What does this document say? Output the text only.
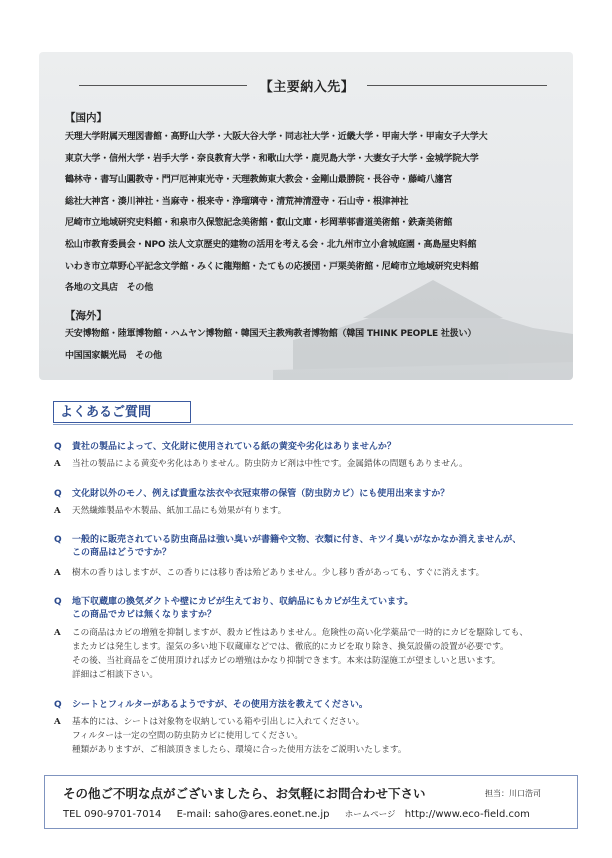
【主要納入先】
【国内】
天理大学附属天理図書館・高野山大学・大阪大谷大学・同志社大学・近畿大学・甲南大学・甲南女子大学大
東京大学・信州大学・岩手大学・奈良教育大学・和歌山大学・鹿児島大学・大妻女子大学・金城学院大学
鶴林寺・書写山圓教寺・門戸厄神東光寺・天理教飾東大教会・金剛山最勝院・長谷寺・藤崎八旛宮
総社大神宮・湊川神社・当麻寺・根来寺・浄瑠璃寺・清荒神清澄寺・石山寺・根津神社
尼崎市立地域研究史料館・和泉市久保惣記念美術館・叡山文庫・杉岡華邨書道美術館・鉄斎美術館
松山市教育委員会・NPO 法人文京歴史的建物の活用を考える会・北九州市立小倉城庭園・高島屋史料館
いわき市立草野心平記念文学館・みくに龍翔館・たてもの応援団・戸栗美術館・尼崎市立地域研究史料館
各地の文具店　その他
【海外】
天安博物館・陸軍博物館・ハムヤン博物館・韓国天主教殉教者博物館（韓国 THINK PEOPLE 社扱い）
中国国家観光局　その他
よくあるご質問
Q 貴社の製品によって、文化財に使用されている紙の黄変や劣化はありませんか？
A 当社の製品による黄変や劣化はありません。防虫防カビ剤は中性です。金属錯体の問題もありません。
Q 文化財以外のモノ、例えば貴重な法衣や衣冠束帯の保管（防虫防カビ）にも使用出来ますか？
A 天然繊維製品や木製品、紙加工品にも効果が有ります。
Q 一般的に販売されている防虫商品は強い臭いが書籍や文物、衣類に付き、キツイ臭いがなかなか消えませんが、
この商品はどうですか？
A 樹木の香りはしますが、この香りには移り香は殆どありません。少し移り香があっても、すぐに消えます。
Q 地下収蔵庫の換気ダクトや壁にカビが生えており、収納品にもカビが生えています。
この商品でカビは無くなりますか？
A この商品はカビの増殖を抑制しますが、殺カビ性はありません。危険性の高い化学薬品で一時的にカビを駆除しても、
またカビは発生します。湿気の多い地下収蔵庫などでは、徹底的にカビを取り除き、換気設備の設置が必要です。
その後、当社商品をご使用頂ければカビの増殖はかなり抑制できます。本来は防湿施工が望ましいと思います。
詳細はご相談下さい。
Q シートとフィルターがあるようですが、その使用方法を教えてください。
A 基本的には、シートは対象物を収納している箱や引出しに入れてください。
フィルターは一定の空間の防虫防カビに使用してください。
種類がありますが、ご相談頂きましたら、環境に合った使用方法をご説明いたします。
その他ご不明な点がございましたら、お気軽にお問合わせ下さい	担当：川口浩司
TEL 090-9701-7014 E-mail: saho@ares.eonet.ne.jp ホームページ http://www.eco-field.com
